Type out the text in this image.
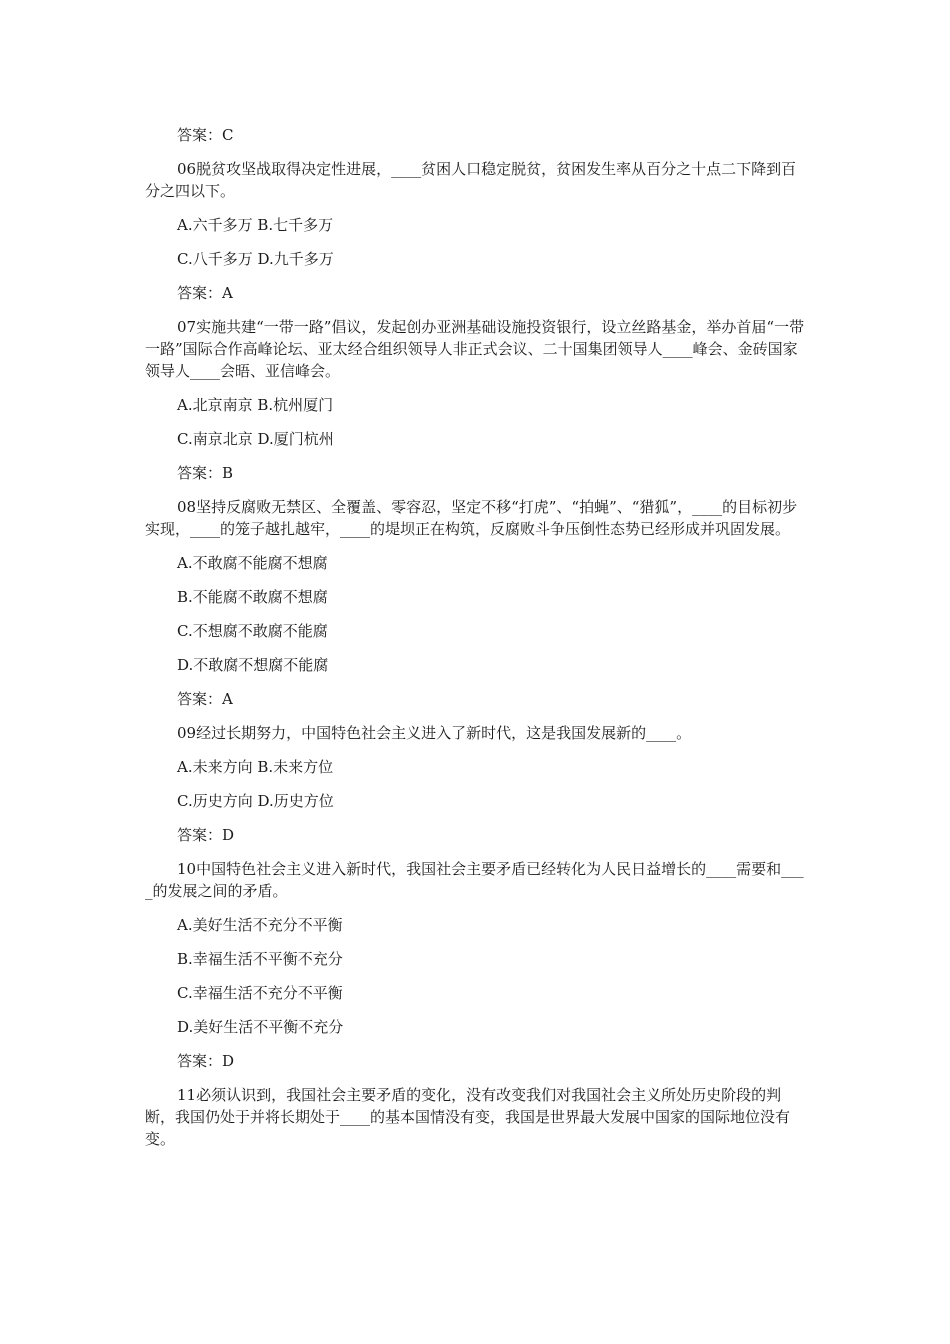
答案：C

06脱贫攻坚战取得决定性进展，____贫困人口稳定脱贫，贫困发生率从百分之十点二下降到百分之四以下。

A.六千多万 B.七千多万

C.八千多万 D.九千多万

答案：A

07实施共建“一带一路”倡议，发起创办亚洲基础设施投资银行，设立丝路基金，举办首届“一带一路”国际合作高峰论坛、亚太经合组织领导人非正式会议、二十国集团领导人____峰会、金砖国家领导人____会晤、亚信峰会。

A.北京南京 B.杭州厦门

C.南京北京 D.厦门杭州

答案：B

08坚持反腐败无禁区、全覆盖、零容忍，坚定不移“打虎”、“拍蝇”、“猎狐”，____的目标初步实现，____的笼子越扎越牢，____的堤坝正在构筑，反腐败斗争压倒性态势已经形成并巩固发展。

A.不敢腐不能腐不想腐

B.不能腐不敢腐不想腐

C.不想腐不敢腐不能腐

D.不敢腐不想腐不能腐

答案：A

09经过长期努力，中国特色社会主义进入了新时代，这是我国发展新的____。

A.未来方向 B.未来方位

C.历史方向 D.历史方位

答案：D

10中国特色社会主义进入新时代，我国社会主要矛盾已经转化为人民日益增长的____需要和____的发展之间的矛盾。

A.美好生活不充分不平衡

B.幸福生活不平衡不充分

C.幸福生活不充分不平衡

D.美好生活不平衡不充分

答案：D

11必须认识到，我国社会主要矛盾的变化，没有改变我们对我国社会主义所处历史阶段的判断，我国仍处于并将长期处于____的基本国情没有变，我国是世界最大发展中国家的国际地位没有变。
